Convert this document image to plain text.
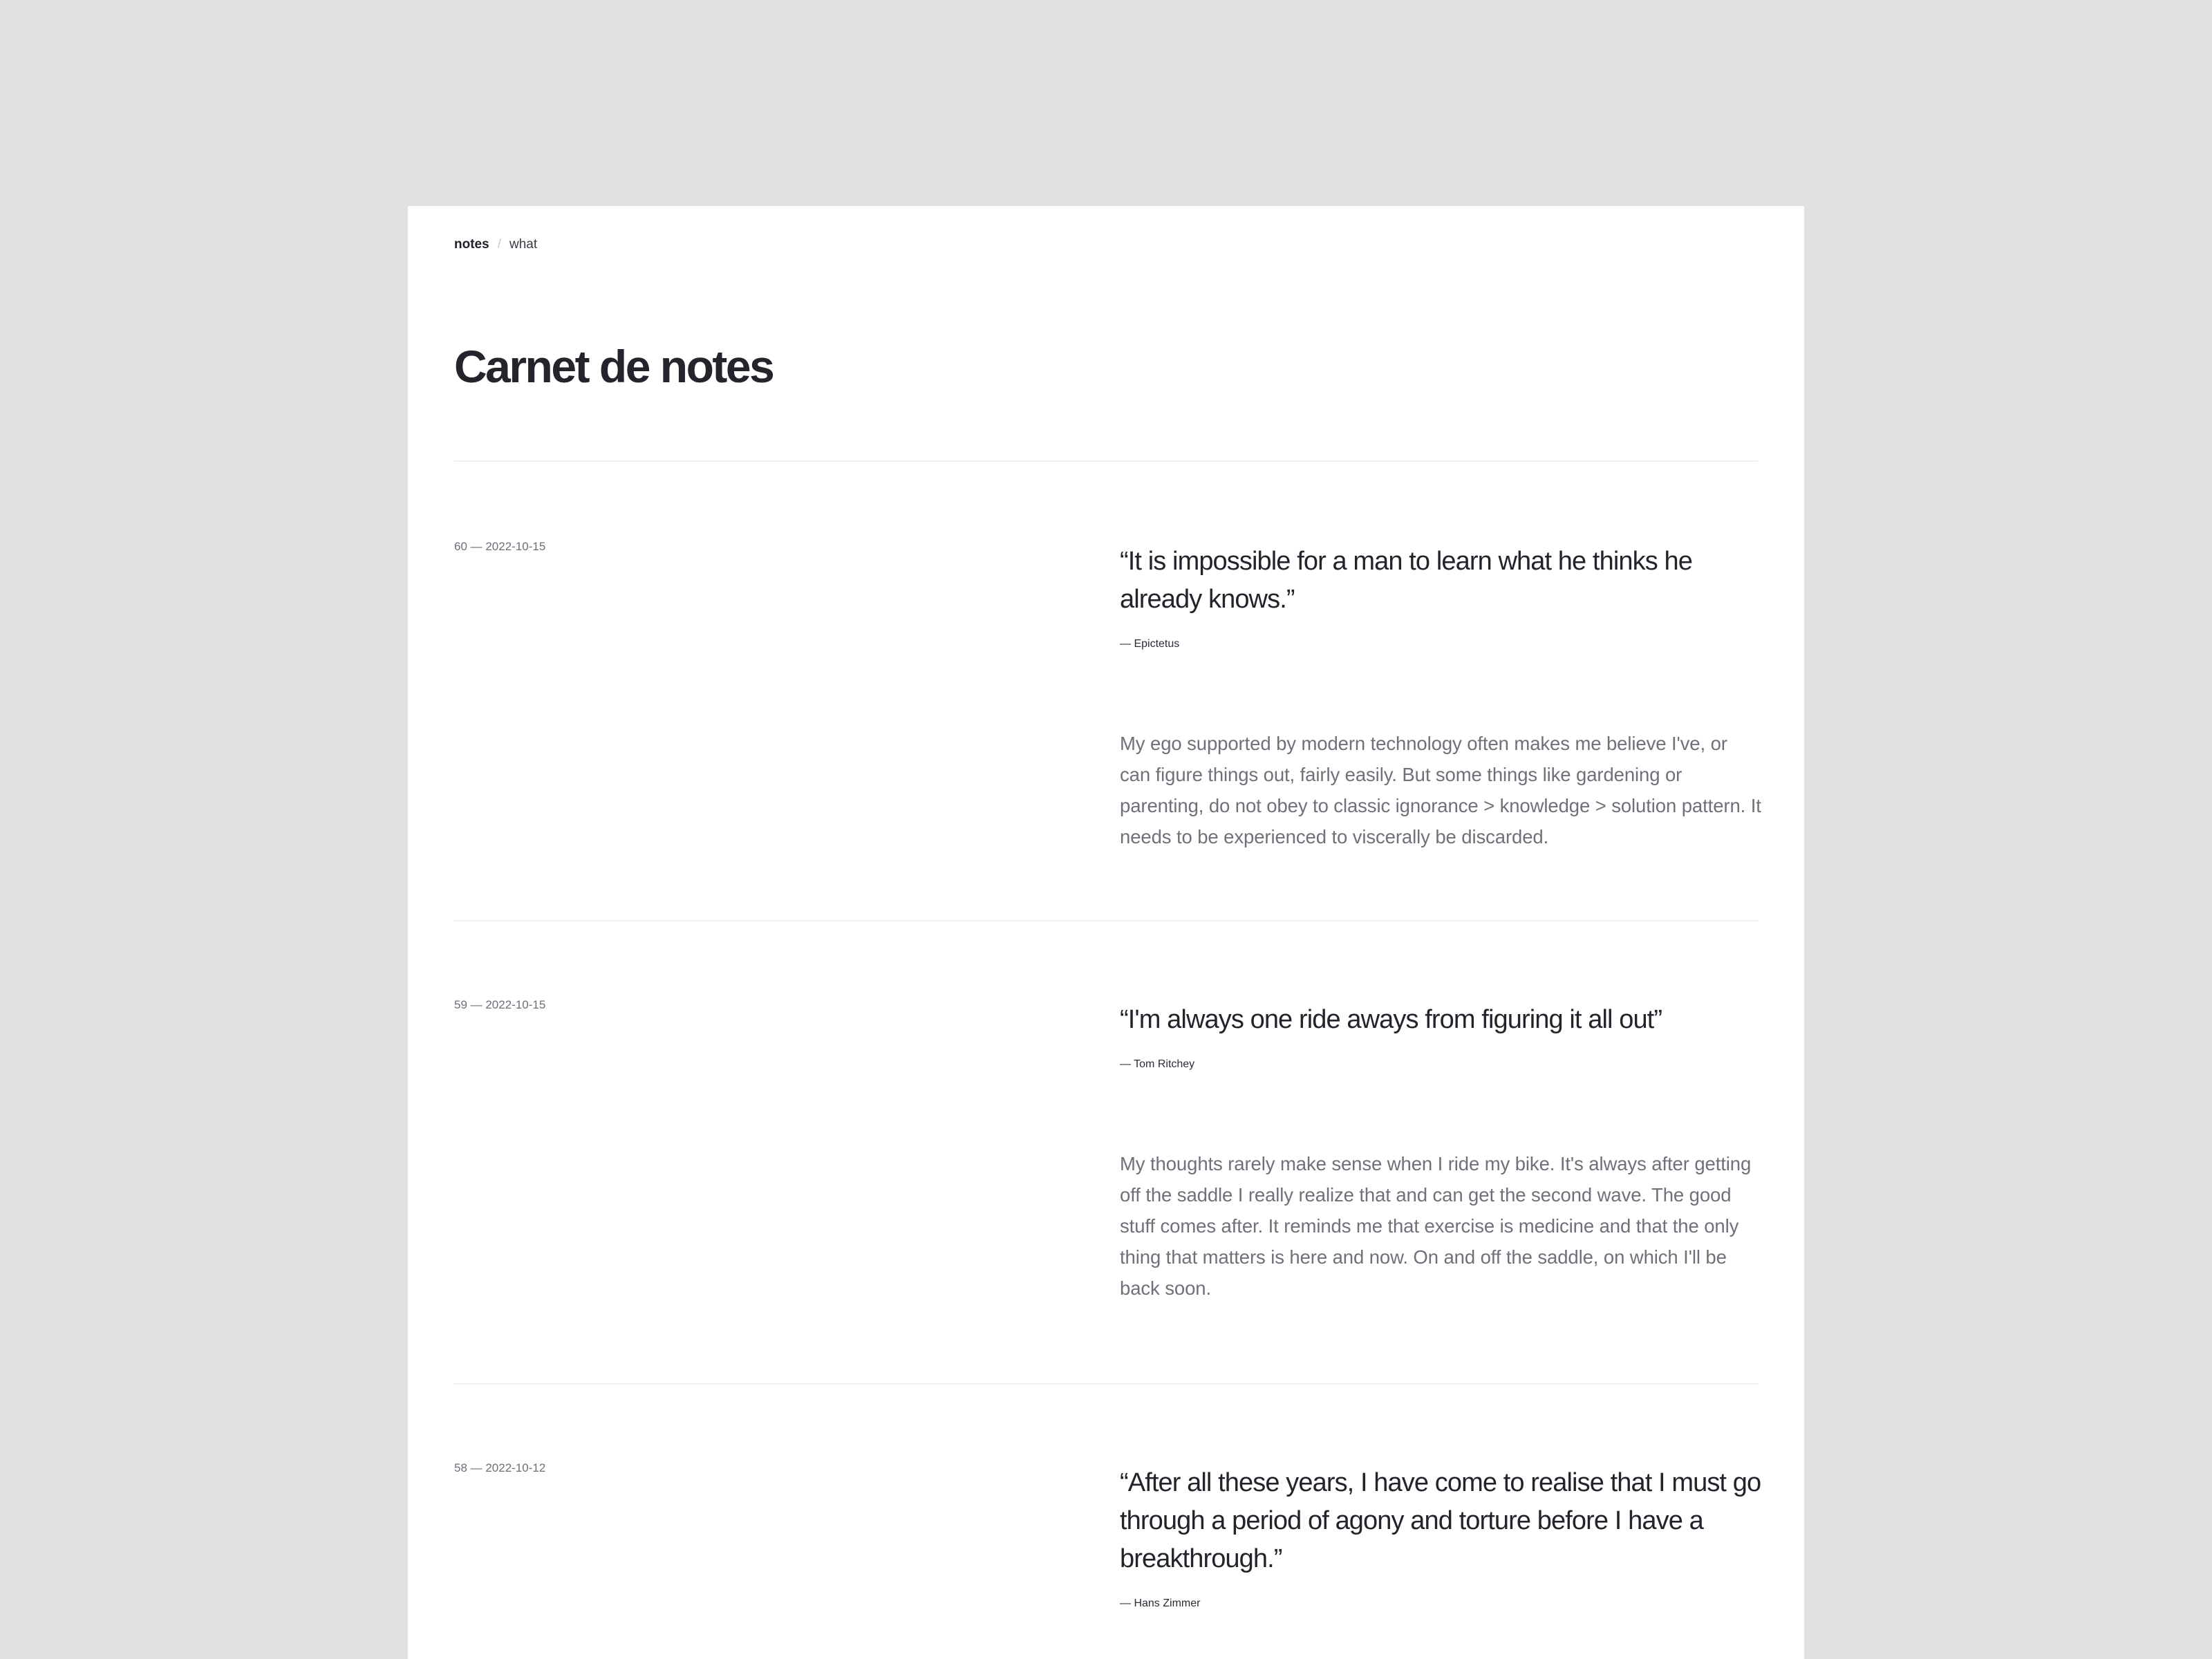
notes / what
Carnet de notes
60 — 2022-10-15

“It is impossible for a man to learn what he thinks he already knows.”

— Epictetus

My ego supported by modern technology often makes me believe I've, or can figure things out, fairly easily. But some things like gardening or parenting, do not obey to classic ignorance > knowledge > solution pattern. It needs to be experienced to viscerally be discarded.

59 — 2022-10-15

“I'm always one ride aways from figuring it all out”

— Tom Ritchey

My thoughts rarely make sense when I ride my bike. It's always after getting off the saddle I really realize that and can get the second wave. The good stuff comes after. It reminds me that exercise is medicine and that the only thing that matters is here and now. On and off the saddle, on which I'll be back soon.

58 — 2022-10-12

“After all these years, I have come to realise that I must go through a period of agony and torture before I have a breakthrough.”

— Hans Zimmer
